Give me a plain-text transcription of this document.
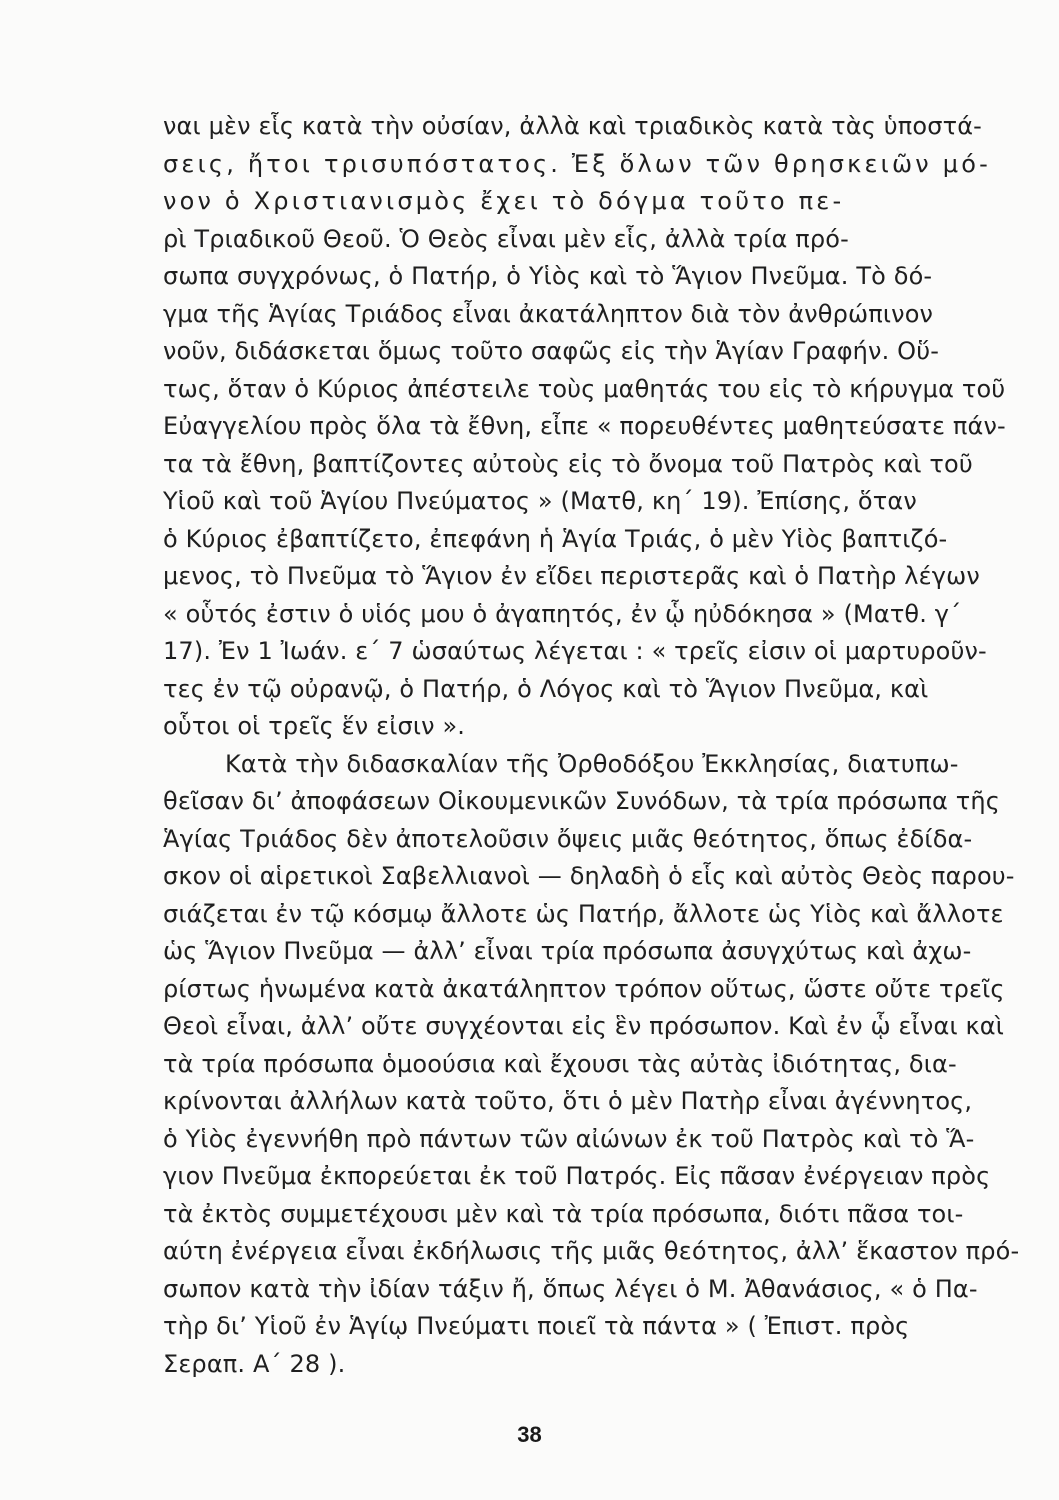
ναι μὲν εἷς κατὰ τὴν οὐσίαν, ἀλλὰ καὶ τριαδικὸς κατὰ τὰς ὑποστά-
σεις, ἤτοι τρισυπόστατος. Ἐξ ὅλων τῶν θρησκειῶν μό-
νον ὁ Χριστιανισμὸς ἔχει τὸ δόγμα τοῦτο πε-
ρὶ Τριαδικοῦ Θεοῦ. Ὁ Θεὸς εἶναι μὲν εἷς, ἀλλὰ τρία πρό-
σωπα συγχρόνως, ὁ Πατήρ, ὁ Υἱὸς καὶ τὸ Ἅγιον Πνεῦμα. Τὸ δό-
γμα τῆς Ἁγίας Τριάδος εἶναι ἀκατάληπτον διὰ τὸν ἀνθρώπινον
νοῦν, διδάσκεται ὅμως τοῦτο σαφῶς εἰς τὴν Ἁγίαν Γραφήν. Οὕ-
τως, ὅταν ὁ Κύριος ἀπέστειλε τοὺς μαθητάς του εἰς τὸ κήρυγμα τοῦ
Εὐαγγελίου πρὸς ὅλα τὰ ἔθνη, εἶπε « πορευθέντες μαθητεύσατε πάν-
τα τὰ ἔθνη, βαπτίζοντες αὐτοὺς εἰς τὸ ὄνομα τοῦ Πατρὸς καὶ τοῦ
Υἱοῦ καὶ τοῦ Ἁγίου Πνεύματος » (Ματθ, κη΄ 19). Ἐπίσης, ὅταν
ὁ Κύριος ἐβαπτίζετο, ἐπεφάνη ἡ Ἁγία Τριάς, ὁ μὲν Υἱὸς βαπτιζό-
μενος, τὸ Πνεῦμα τὸ Ἅγιον ἐν εἴδει περιστερᾶς καὶ ὁ Πατὴρ λέγων
« οὗτός ἐστιν ὁ υἱός μου ὁ ἀγαπητός, ἐν ᾧ ηὐδόκησα » (Ματθ. γ΄
17). Ἐν 1 Ἰωάν. ε΄ 7 ὡσαύτως λέγεται : « τρεῖς εἰσιν οἱ μαρτυροῦν-
τες ἐν τῷ οὐρανῷ, ὁ Πατήρ, ὁ Λόγος καὶ τὸ Ἅγιον Πνεῦμα, καὶ
οὗτοι οἱ τρεῖς ἕν εἰσιν ».
Κατὰ τὴν διδασκαλίαν τῆς Ὀρθοδόξου Ἐκκλησίας, διατυπω-
θεῖσαν δι’ ἀποφάσεων Οἰκουμενικῶν Συνόδων, τὰ τρία πρόσωπα τῆς
Ἁγίας Τριάδος δὲν ἀποτελοῦσιν ὄψεις μιᾶς θεότητος, ὅπως ἐδίδα-
σκον οἱ αἱρετικοὶ Σαβελλιανοὶ — δηλαδὴ ὁ εἷς καὶ αὐτὸς Θεὸς παρου-
σιάζεται ἐν τῷ κόσμῳ ἄλλοτε ὡς Πατήρ, ἄλλοτε ὡς Υἱὸς καὶ ἄλλοτε
ὡς Ἅγιον Πνεῦμα — ἀλλ’ εἶναι τρία πρόσωπα ἀσυγχύτως καὶ ἀχω-
ρίστως ἡνωμένα κατὰ ἀκατάληπτον τρόπον οὕτως, ὥστε οὔτε τρεῖς
Θεοὶ εἶναι, ἀλλ’ οὔτε συγχέονται εἰς ἓν πρόσωπον. Καὶ ἐν ᾧ εἶναι καὶ
τὰ τρία πρόσωπα ὁμοούσια καὶ ἔχουσι τὰς αὐτὰς ἰδιότητας, δια-
κρίνονται ἀλλήλων κατὰ τοῦτο, ὅτι ὁ μὲν Πατὴρ εἶναι ἀγέννητος,
ὁ Υἱὸς ἐγεννήθη πρὸ πάντων τῶν αἰώνων ἐκ τοῦ Πατρὸς καὶ τὸ Ἅ-
γιον Πνεῦμα ἐκπορεύεται ἐκ τοῦ Πατρός. Εἰς πᾶσαν ἐνέργειαν πρὸς
τὰ ἐκτὸς συμμετέχουσι μὲν καὶ τὰ τρία πρόσωπα, διότι πᾶσα τοι-
αύτη ἐνέργεια εἶναι ἐκδήλωσις τῆς μιᾶς θεότητος, ἀλλ’ ἕκαστον πρό-
σωπον κατὰ τὴν ἰδίαν τάξιν ἤ, ὅπως λέγει ὁ Μ. Ἀθανάσιος, « ὁ Πα-
τὴρ δι’ Υἱοῦ ἐν Ἁγίῳ Πνεύματι ποιεῖ τὰ πάντα » ( Ἐπιστ. πρὸς
Σεραπ. Α΄ 28 ).
38
